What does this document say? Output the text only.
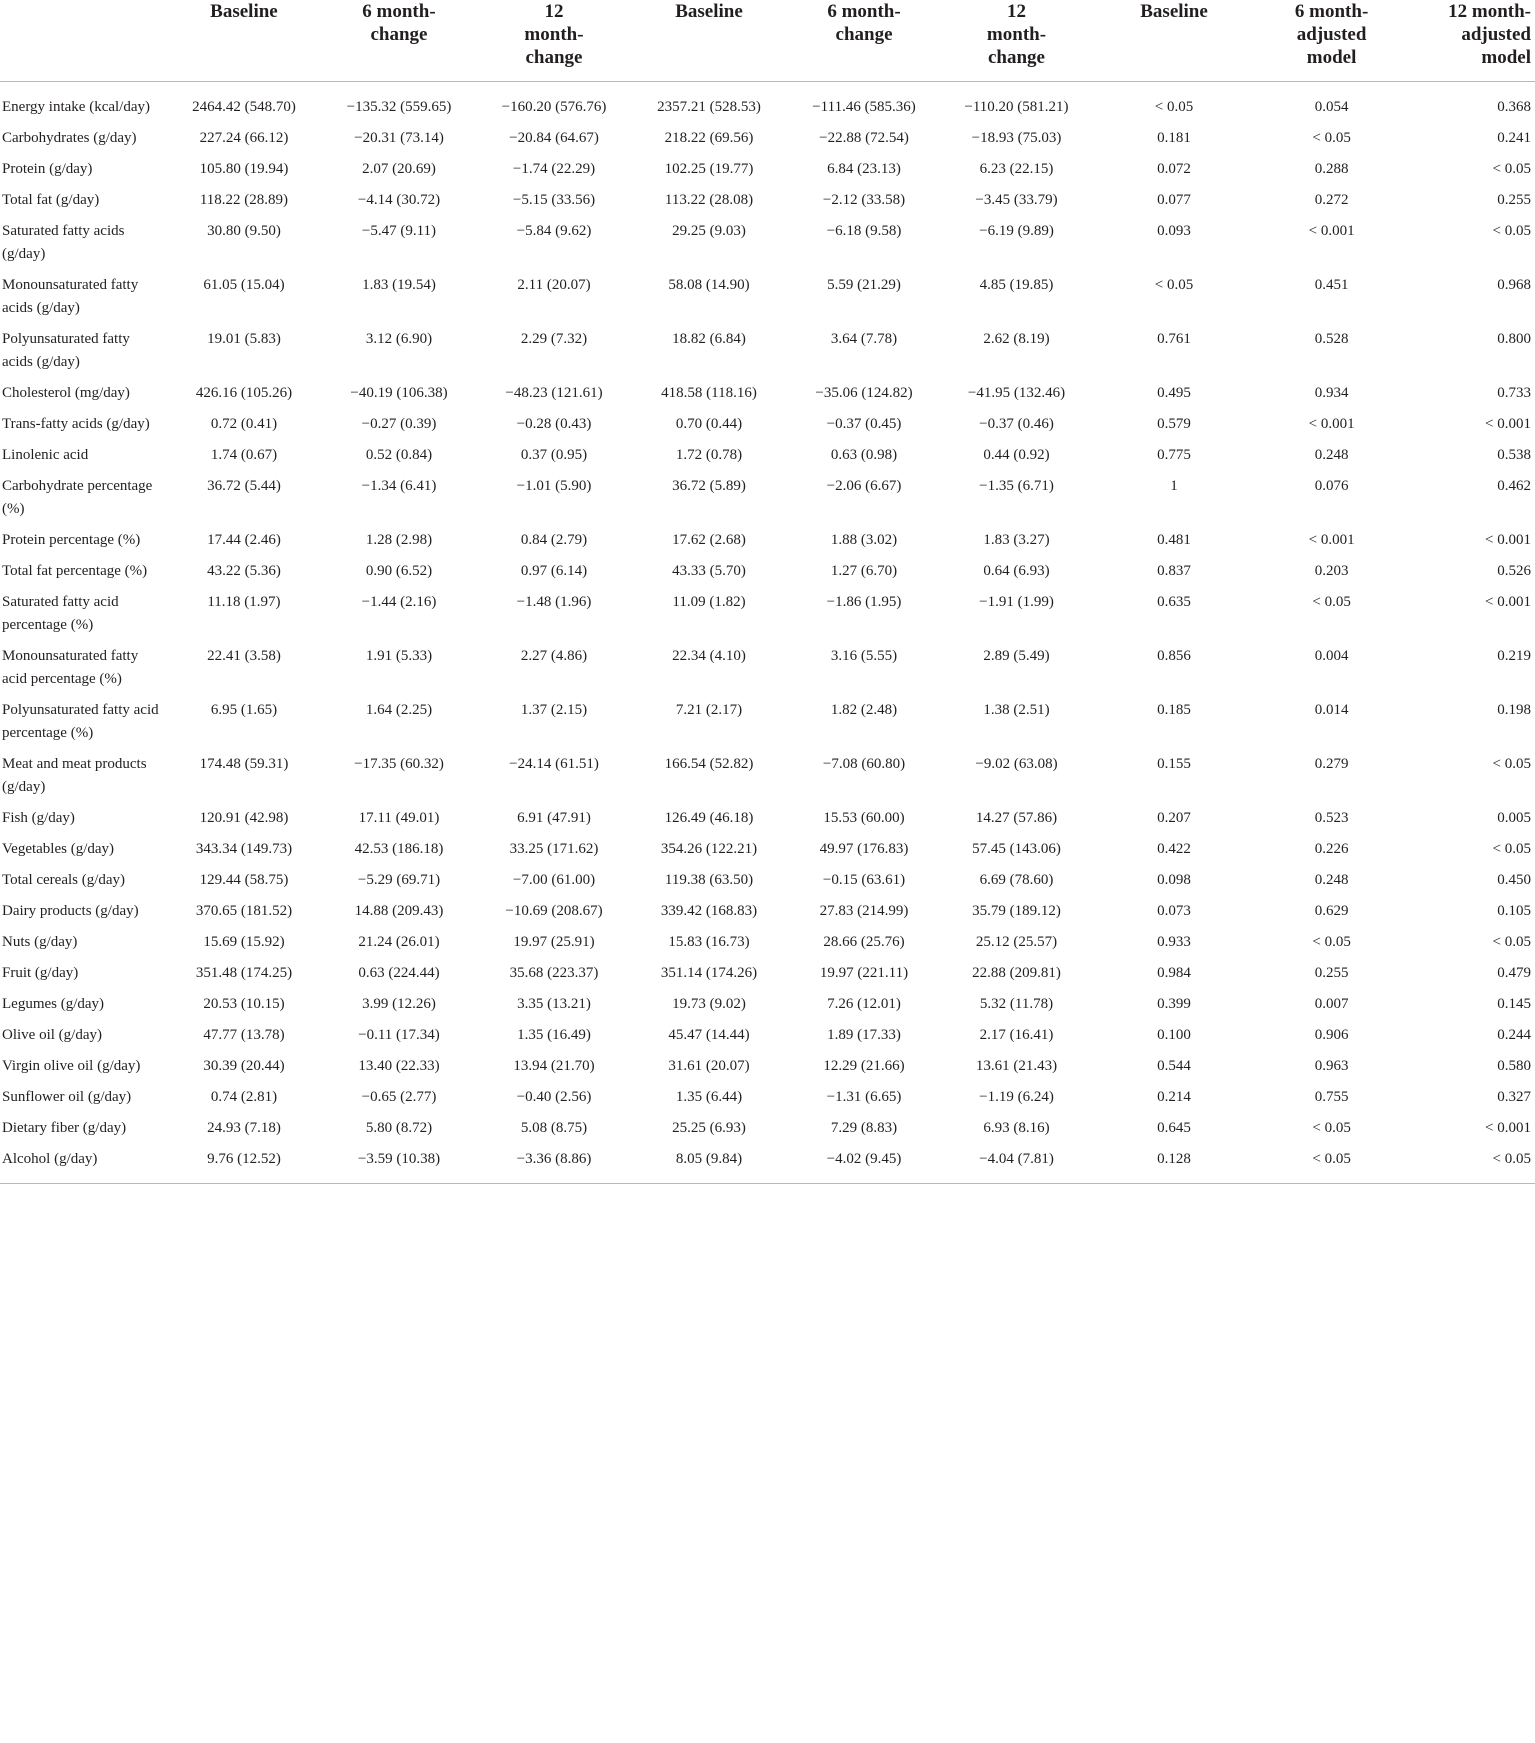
	Baseline	6 month-change	12 month-change	Baseline	6 month-change	12 month-change	Baseline	6 month-adjusted model	12 month-adjusted model
Energy intake (kcal/day)	2464.42 (548.70)	−135.32 (559.65)	−160.20 (576.76)	2357.21 (528.53)	−111.46 (585.36)	−110.20 (581.21)	< 0.05	0.054	0.368
Carbohydrates (g/day)	227.24 (66.12)	−20.31 (73.14)	−20.84 (64.67)	218.22 (69.56)	−22.88 (72.54)	−18.93 (75.03)	0.181	< 0.05	0.241
Protein (g/day)	105.80 (19.94)	2.07 (20.69)	−1.74 (22.29)	102.25 (19.77)	6.84 (23.13)	6.23 (22.15)	0.072	0.288	< 0.05
Total fat (g/day)	118.22 (28.89)	−4.14 (30.72)	−5.15 (33.56)	113.22 (28.08)	−2.12 (33.58)	−3.45 (33.79)	0.077	0.272	0.255
Saturated fatty acids (g/day)	30.80 (9.50)	−5.47 (9.11)	−5.84 (9.62)	29.25 (9.03)	−6.18 (9.58)	−6.19 (9.89)	0.093	< 0.001	< 0.05
Monounsaturated fatty acids (g/day)	61.05 (15.04)	1.83 (19.54)	2.11 (20.07)	58.08 (14.90)	5.59 (21.29)	4.85 (19.85)	< 0.05	0.451	0.968
Polyunsaturated fatty acids (g/day)	19.01 (5.83)	3.12 (6.90)	2.29 (7.32)	18.82 (6.84)	3.64 (7.78)	2.62 (8.19)	0.761	0.528	0.800
Cholesterol (mg/day)	426.16 (105.26)	−40.19 (106.38)	−48.23 (121.61)	418.58 (118.16)	−35.06 (124.82)	−41.95 (132.46)	0.495	0.934	0.733
Trans-fatty acids (g/day)	0.72 (0.41)	−0.27 (0.39)	−0.28 (0.43)	0.70 (0.44)	−0.37 (0.45)	−0.37 (0.46)	0.579	< 0.001	< 0.001
Linolenic acid	1.74 (0.67)	0.52 (0.84)	0.37 (0.95)	1.72 (0.78)	0.63 (0.98)	0.44 (0.92)	0.775	0.248	0.538
Carbohydrate percentage (%)	36.72 (5.44)	−1.34 (6.41)	−1.01 (5.90)	36.72 (5.89)	−2.06 (6.67)	−1.35 (6.71)	1	0.076	0.462
Protein percentage (%)	17.44 (2.46)	1.28 (2.98)	0.84 (2.79)	17.62 (2.68)	1.88 (3.02)	1.83 (3.27)	0.481	< 0.001	< 0.001
Total fat percentage (%)	43.22 (5.36)	0.90 (6.52)	0.97 (6.14)	43.33 (5.70)	1.27 (6.70)	0.64 (6.93)	0.837	0.203	0.526
Saturated fatty acid percentage (%)	11.18 (1.97)	−1.44 (2.16)	−1.48 (1.96)	11.09 (1.82)	−1.86 (1.95)	−1.91 (1.99)	0.635	< 0.05	< 0.001
Monounsaturated fatty acid percentage (%)	22.41 (3.58)	1.91 (5.33)	2.27 (4.86)	22.34 (4.10)	3.16 (5.55)	2.89 (5.49)	0.856	0.004	0.219
Polyunsaturated fatty acid percentage (%)	6.95 (1.65)	1.64 (2.25)	1.37 (2.15)	7.21 (2.17)	1.82 (2.48)	1.38 (2.51)	0.185	0.014	0.198
Meat and meat products (g/day)	174.48 (59.31)	−17.35 (60.32)	−24.14 (61.51)	166.54 (52.82)	−7.08 (60.80)	−9.02 (63.08)	0.155	0.279	< 0.05
Fish (g/day)	120.91 (42.98)	17.11 (49.01)	6.91 (47.91)	126.49 (46.18)	15.53 (60.00)	14.27 (57.86)	0.207	0.523	0.005
Vegetables (g/day)	343.34 (149.73)	42.53 (186.18)	33.25 (171.62)	354.26 (122.21)	49.97 (176.83)	57.45 (143.06)	0.422	0.226	< 0.05
Total cereals (g/day)	129.44 (58.75)	−5.29 (69.71)	−7.00 (61.00)	119.38 (63.50)	−0.15 (63.61)	6.69 (78.60)	0.098	0.248	0.450
Dairy products (g/day)	370.65 (181.52)	14.88 (209.43)	−10.69 (208.67)	339.42 (168.83)	27.83 (214.99)	35.79 (189.12)	0.073	0.629	0.105
Nuts (g/day)	15.69 (15.92)	21.24 (26.01)	19.97 (25.91)	15.83 (16.73)	28.66 (25.76)	25.12 (25.57)	0.933	< 0.05	< 0.05
Fruit (g/day)	351.48 (174.25)	0.63 (224.44)	35.68 (223.37)	351.14 (174.26)	19.97 (221.11)	22.88 (209.81)	0.984	0.255	0.479
Legumes (g/day)	20.53 (10.15)	3.99 (12.26)	3.35 (13.21)	19.73 (9.02)	7.26 (12.01)	5.32 (11.78)	0.399	0.007	0.145
Olive oil (g/day)	47.77 (13.78)	−0.11 (17.34)	1.35 (16.49)	45.47 (14.44)	1.89 (17.33)	2.17 (16.41)	0.100	0.906	0.244
Virgin olive oil (g/day)	30.39 (20.44)	13.40 (22.33)	13.94 (21.70)	31.61 (20.07)	12.29 (21.66)	13.61 (21.43)	0.544	0.963	0.580
Sunflower oil (g/day)	0.74 (2.81)	−0.65 (2.77)	−0.40 (2.56)	1.35 (6.44)	−1.31 (6.65)	−1.19 (6.24)	0.214	0.755	0.327
Dietary fiber (g/day)	24.93 (7.18)	5.80 (8.72)	5.08 (8.75)	25.25 (6.93)	7.29 (8.83)	6.93 (8.16)	0.645	< 0.05	< 0.001
Alcohol (g/day)	9.76 (12.52)	−3.59 (10.38)	−3.36 (8.86)	8.05 (9.84)	−4.02 (9.45)	−4.04 (7.81)	0.128	< 0.05	< 0.05
